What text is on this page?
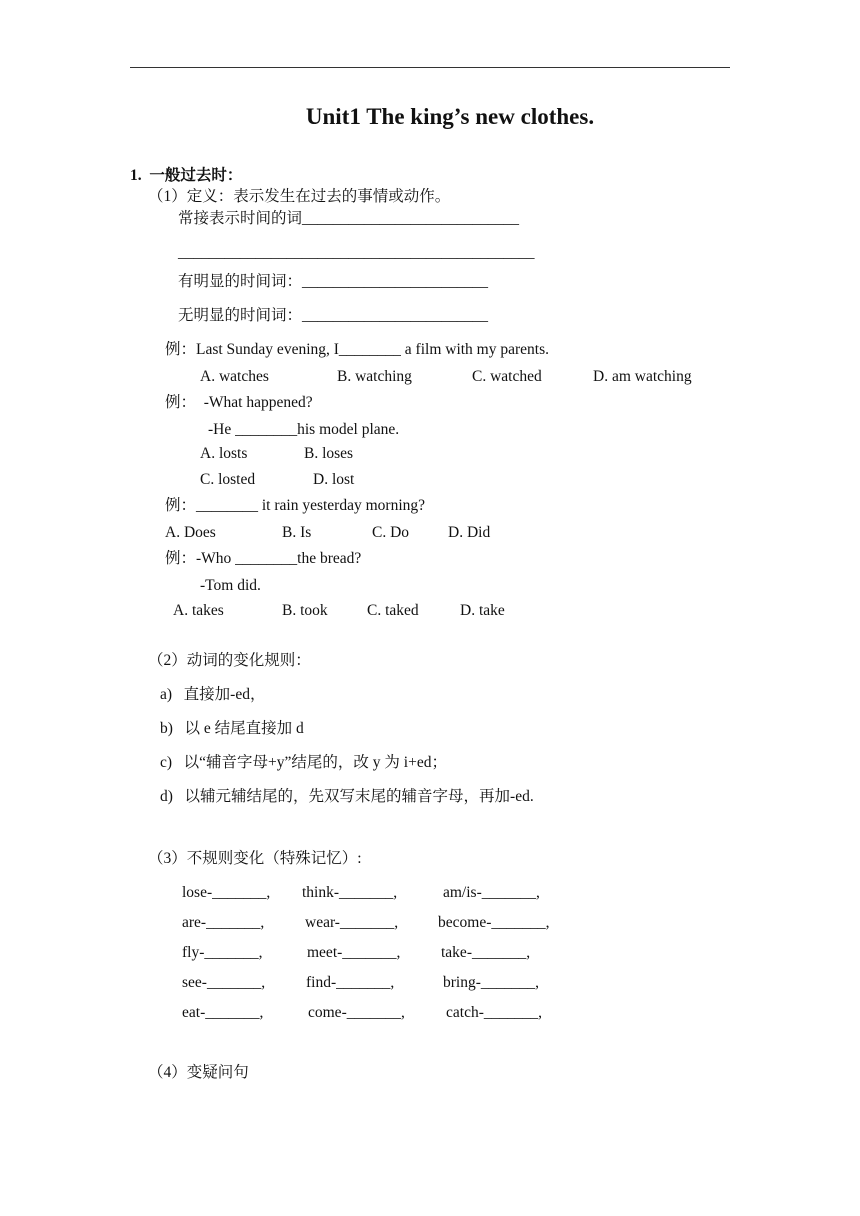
Unit1 The king’s new clothes.
1.  一般过去时：
（1）定义：表示发生在过去的事情或动作。
常接表示时间的词____________________________
______________________________________________
有明显的时间词：________________________
无明显的时间词：________________________
例：Last Sunday evening, I________ a film with my parents.
A. watches	B. watching	C. watched	D. am watching
例：  -What happened?
-He ________his model plane.
A. losts	B. loses
C. losted	D. lost
例：________ it rain yesterday morning?
A. Does	B. Is	C. Do	D. Did
例：-Who ________the bread?
-Tom did.
A. takes	B. took	C. taked	D. take
（2）动词的变化规则：
a)   直接加-ed，
b)   以 e 结尾直接加 d
c)   以“辅音字母+y”结尾的，改 y 为 i+ed；
d)   以辅元辅结尾的，先双写末尾的辅音字母，再加-ed.
（3）不规则变化（特殊记忆）:
lose-_______, think-_______,	am/is-_______,
are-_______,	wear-_______,	become-_______,
fly-_______,	meet-_______,	take-_______,
see-_______,	find-_______,	bring-_______,
eat-_______,	come-_______,	catch-_______,
（4）变疑问句
